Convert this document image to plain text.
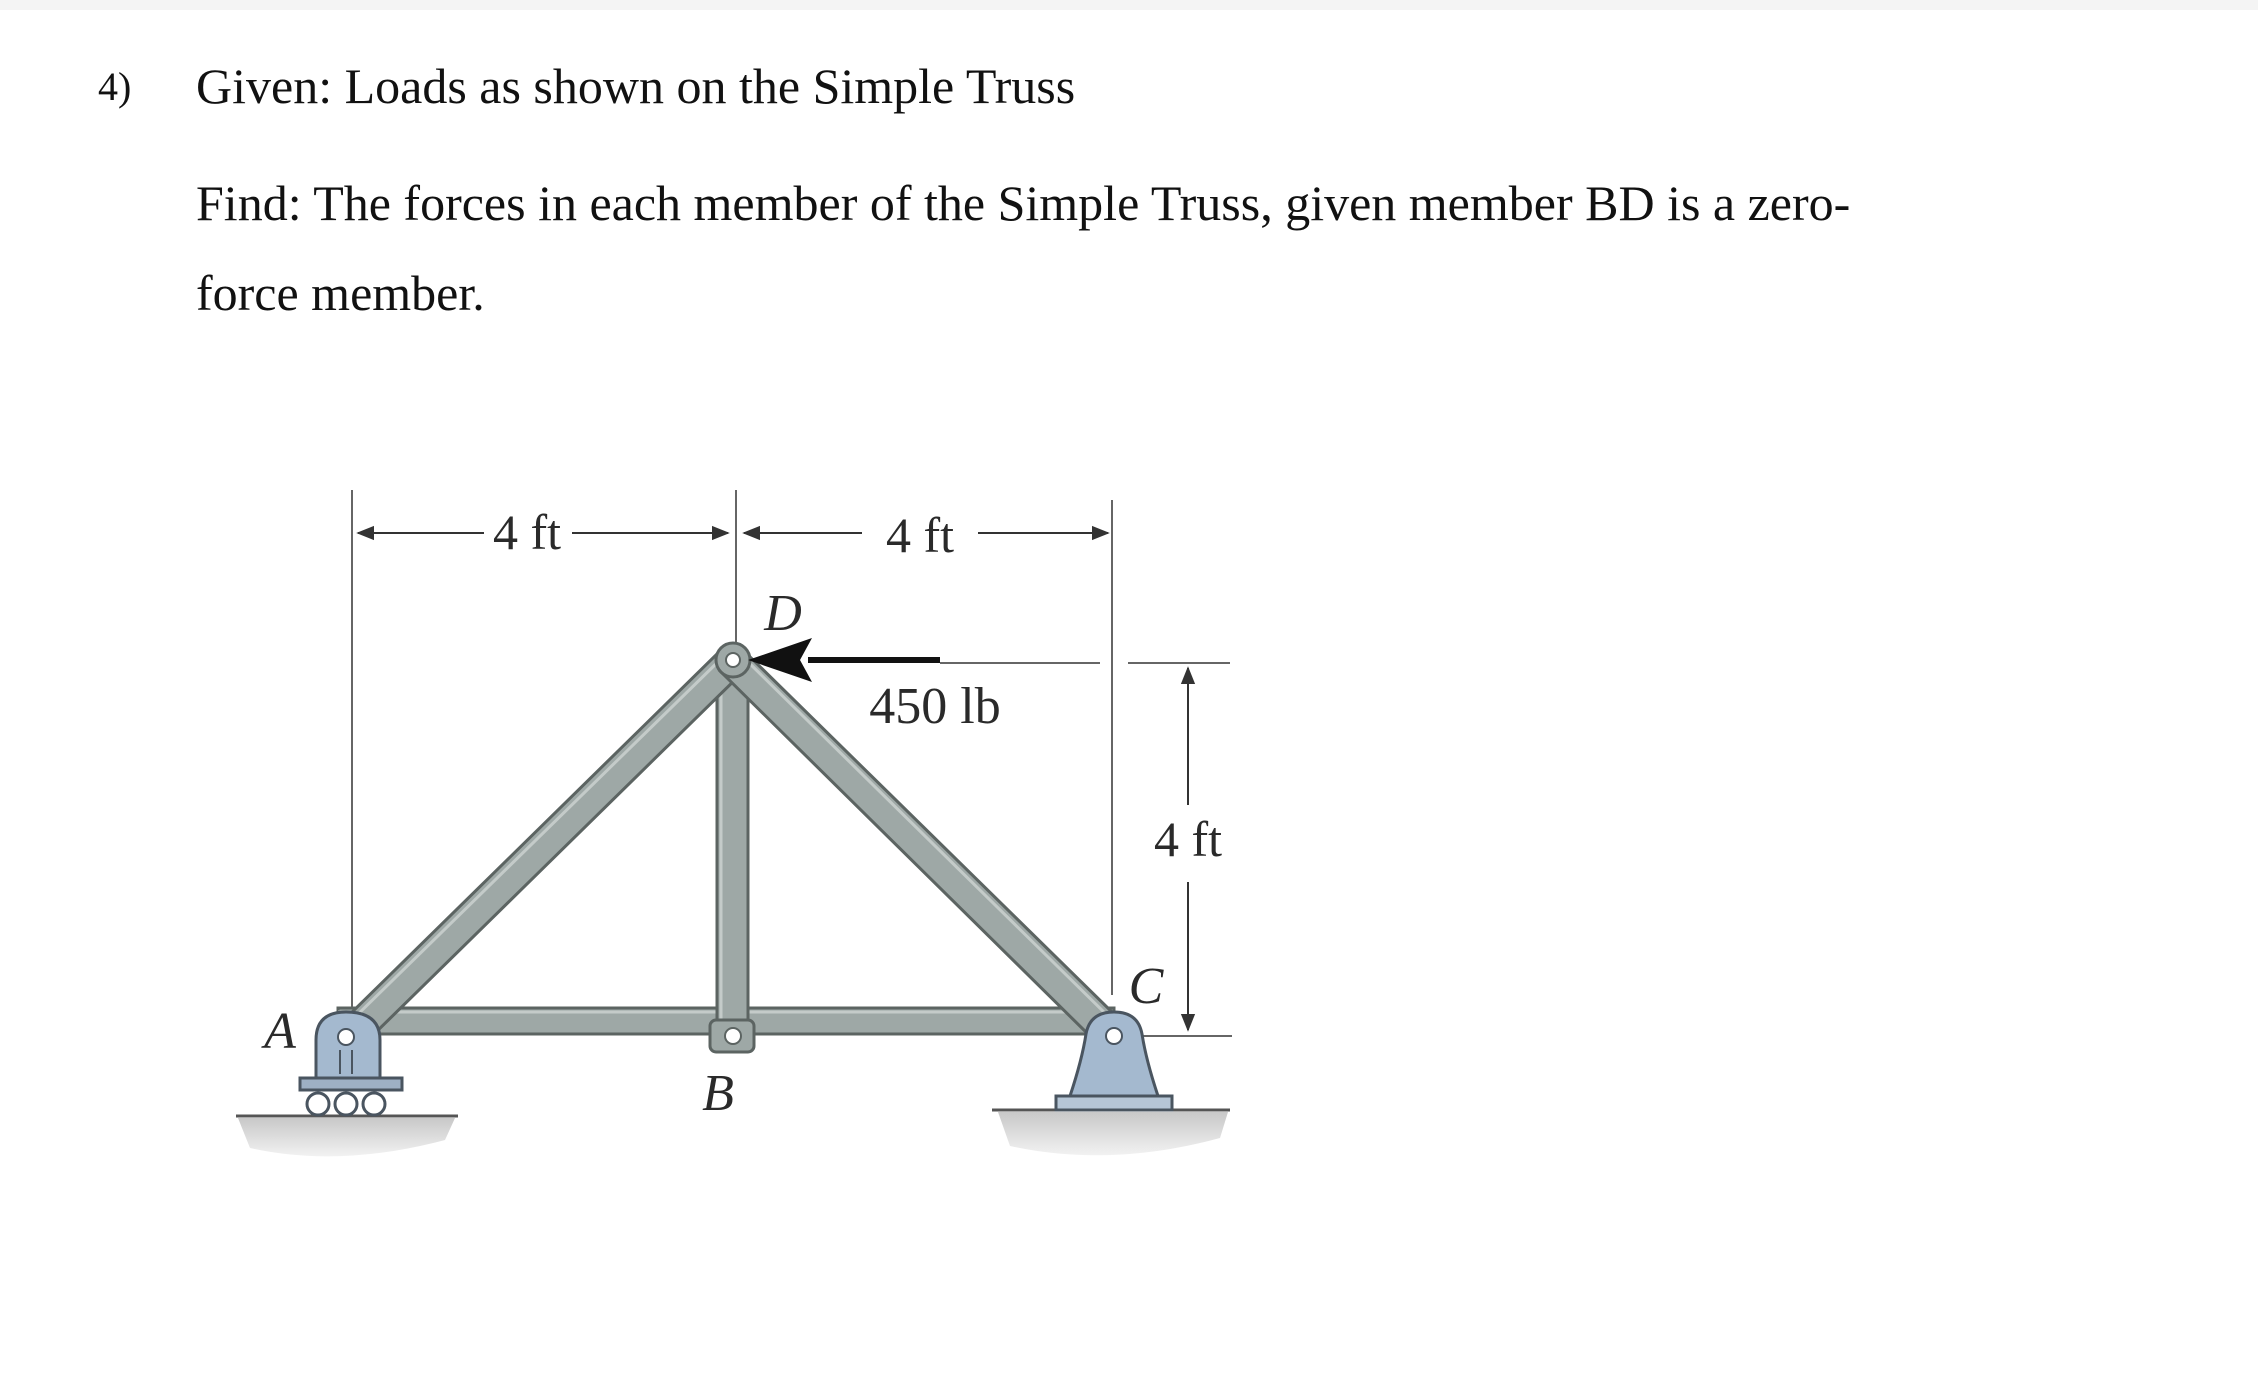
4) Given: Loads as shown on the Simple Truss
Find: The forces in each member of the Simple Truss, given member BD is a zero-
force member.
4 ft	4 ft
4 ft
450 lb
A
B
C
D
